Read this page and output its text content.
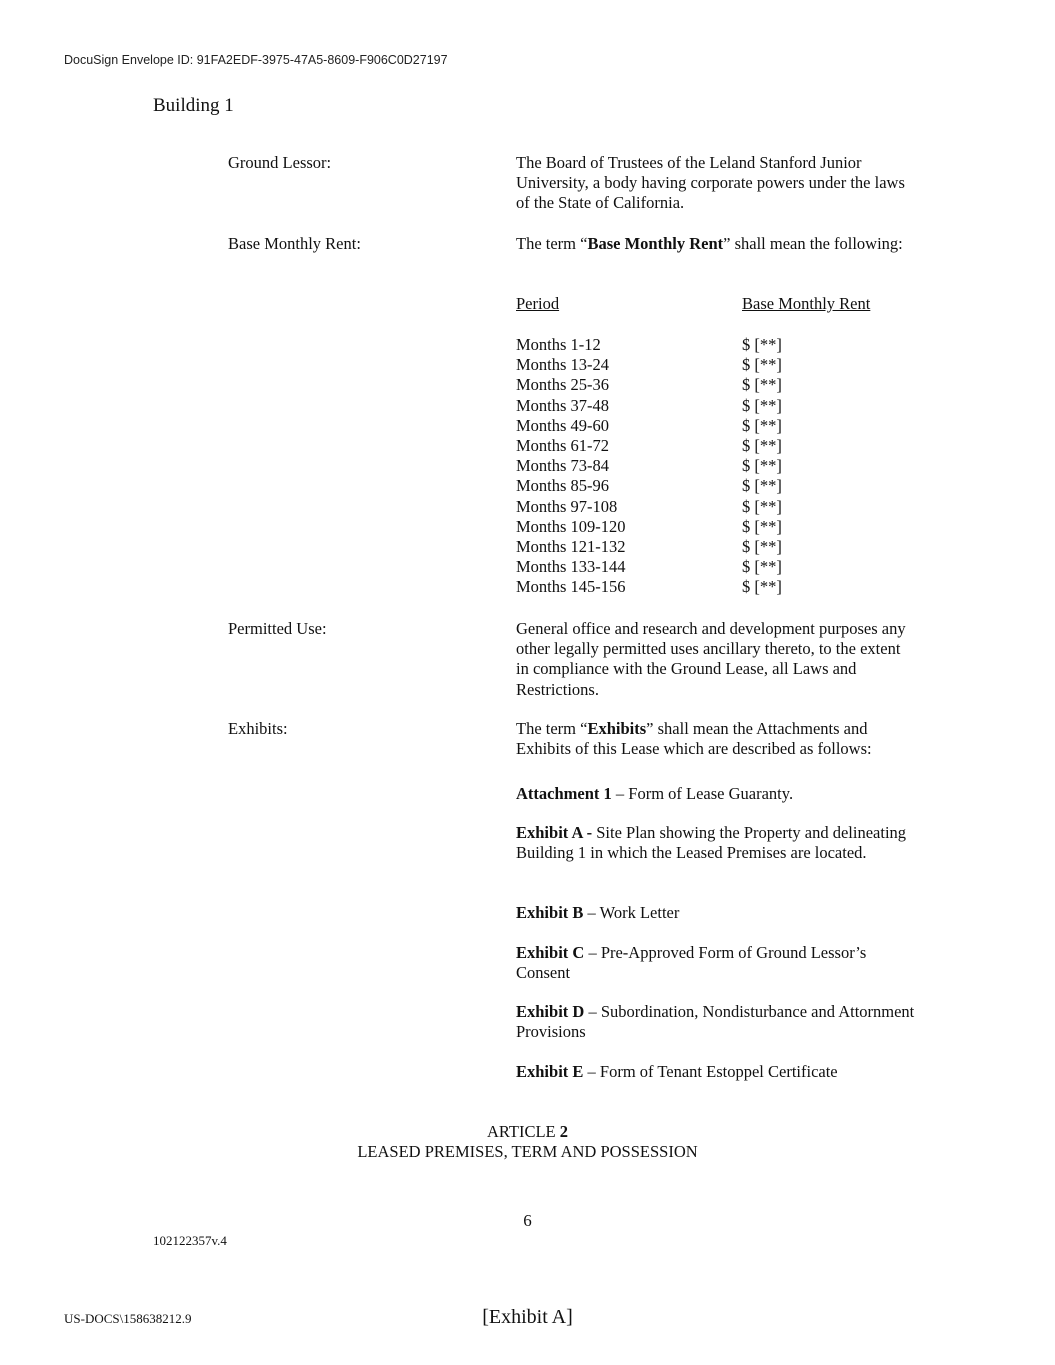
DocuSign Envelope ID: 91FA2EDF-3975-47A5-8609-F906C0D27197
Building 1
Ground Lessor:	The Board of Trustees of the Leland Stanford Junior University, a body having corporate powers under the laws of the State of California.
Base Monthly Rent:	The term “Base Monthly Rent” shall mean the following:
Period	Base Monthly Rent
Months 1-12	$ [**]
Months 13-24	$ [**]
Months 25-36	$ [**]
Months 37-48	$ [**]
Months 49-60	$ [**]
Months 61-72	$ [**]
Months 73-84	$ [**]
Months 85-96	$ [**]
Months 97-108	$ [**]
Months 109-120	$ [**]
Months 121-132	$ [**]
Months 133-144	$ [**]
Months 145-156	$ [**]
Permitted Use:	General office and research and development purposes any other legally permitted uses ancillary thereto, to the extent in compliance with the Ground Lease, all Laws and Restrictions.
Exhibits:	The term “Exhibits” shall mean the Attachments and Exhibits of this Lease which are described as follows:
Attachment 1 – Form of Lease Guaranty.
Exhibit A - Site Plan showing the Property and delineating Building 1 in which the Leased Premises are located.
Exhibit B – Work Letter
Exhibit C – Pre-Approved Form of Ground Lessor’s Consent
Exhibit D – Subordination, Nondisturbance and Attornment Provisions
Exhibit E – Form of Tenant Estoppel Certificate
ARTICLE 2
LEASED PREMISES, TERM AND POSSESSION
6
102122357v.4
US-DOCS\158638212.9	[Exhibit A]
